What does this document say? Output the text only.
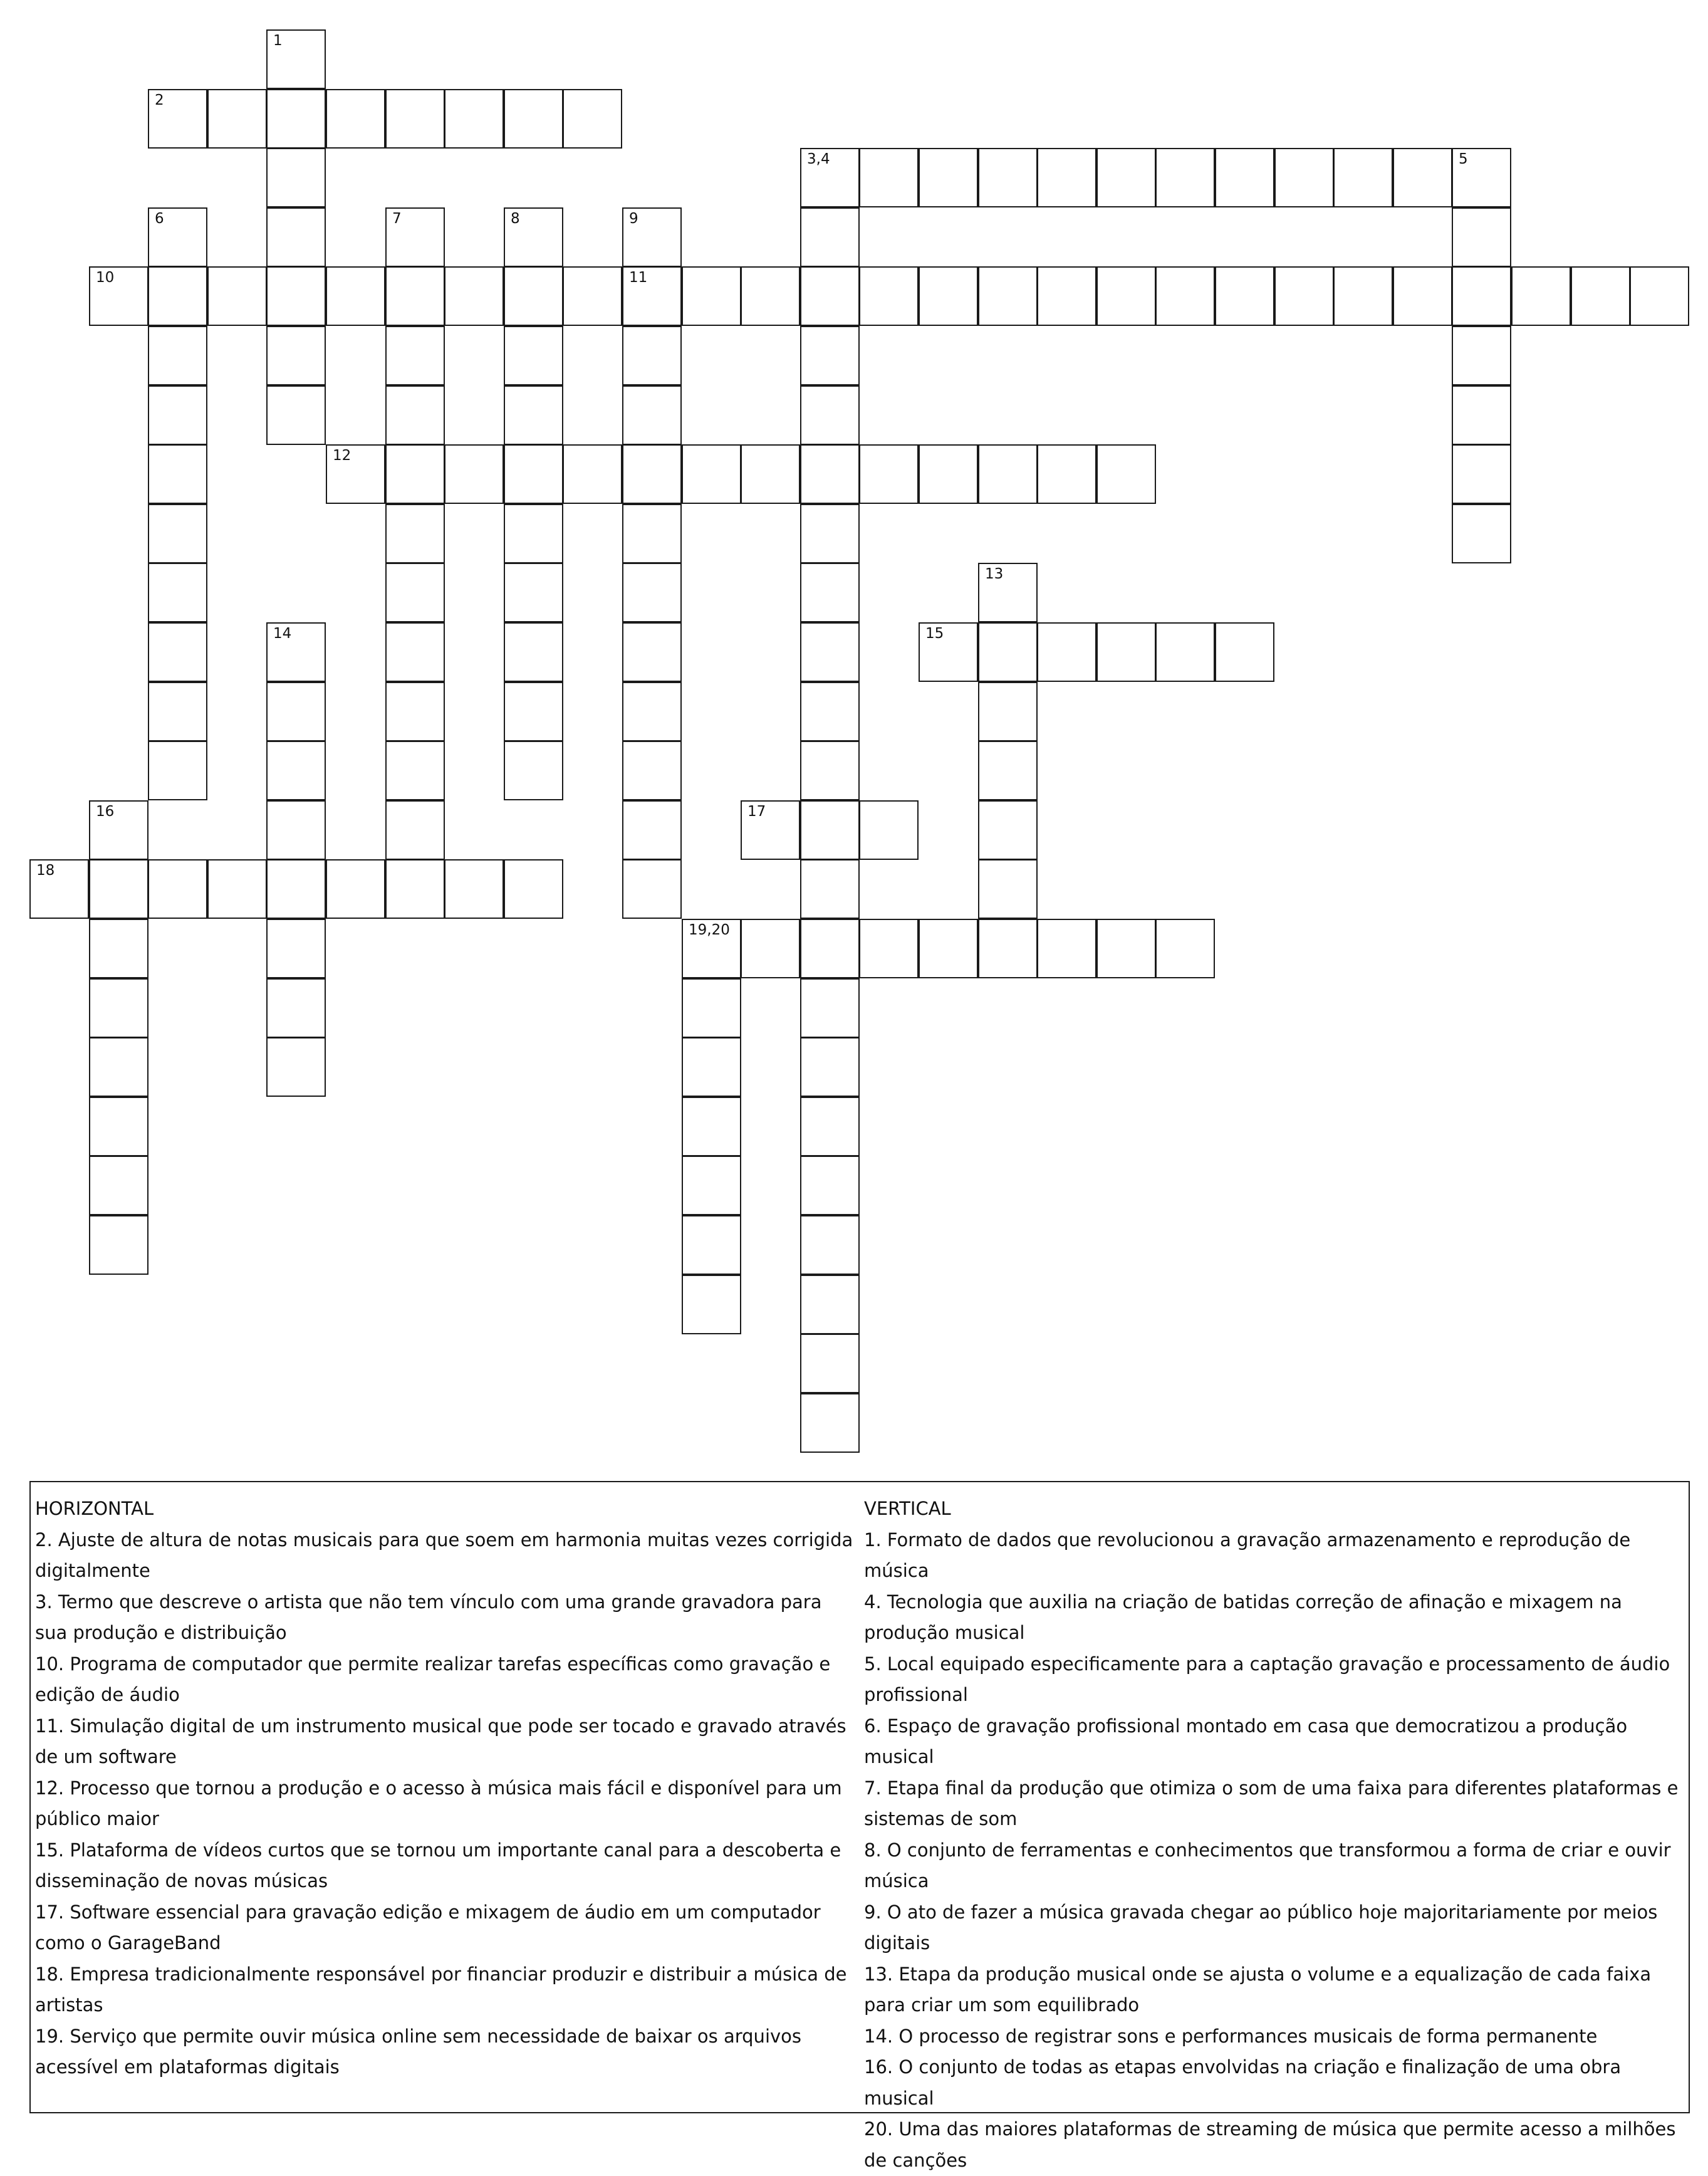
1
2
3,4	5
6	7	8	9
10	11
12
13
14	15
16	17
18
19,20

HORIZONTAL

2. Ajuste de altura de notas musicais para que soem em harmonia muitas vezes corrigida digitalmente

3. Termo que descreve o artista que não tem vínculo com uma grande gravadora para sua produção e distribuição

10. Programa de computador que permite realizar tarefas específicas como gravação e edição de áudio

11. Simulação digital de um instrumento musical que pode ser tocado e gravado através de um software

12. Processo que tornou a produção e o acesso à música mais fácil e disponível para um público maior

15. Plataforma de vídeos curtos que se tornou um importante canal para a descoberta e disseminação de novas músicas

17. Software essencial para gravação edição e mixagem de áudio em um computador como o GarageBand

18. Empresa tradicionalmente responsável por financiar produzir e distribuir a música de artistas

19. Serviço que permite ouvir música online sem necessidade de baixar os arquivos acessível em plataformas digitais

VERTICAL

1. Formato de dados que revolucionou a gravação armazenamento e reprodução de música

4. Tecnologia que auxilia na criação de batidas correção de afinação e mixagem na produção musical

5. Local equipado especificamente para a captação gravação e processamento de áudio profissional

6. Espaço de gravação profissional montado em casa que democratizou a produção musical

7. Etapa final da produção que otimiza o som de uma faixa para diferentes plataformas e sistemas de som

8. O conjunto de ferramentas e conhecimentos que transformou a forma de criar e ouvir música

9. O ato de fazer a música gravada chegar ao público hoje majoritariamente por meios digitais

13. Etapa da produção musical onde se ajusta o volume e a equalização de cada faixa para criar um som equilibrado

14. O processo de registrar sons e performances musicais de forma permanente

16. O conjunto de todas as etapas envolvidas na criação e finalização de uma obra musical

20. Uma das maiores plataformas de streaming de música que permite acesso a milhões de canções
